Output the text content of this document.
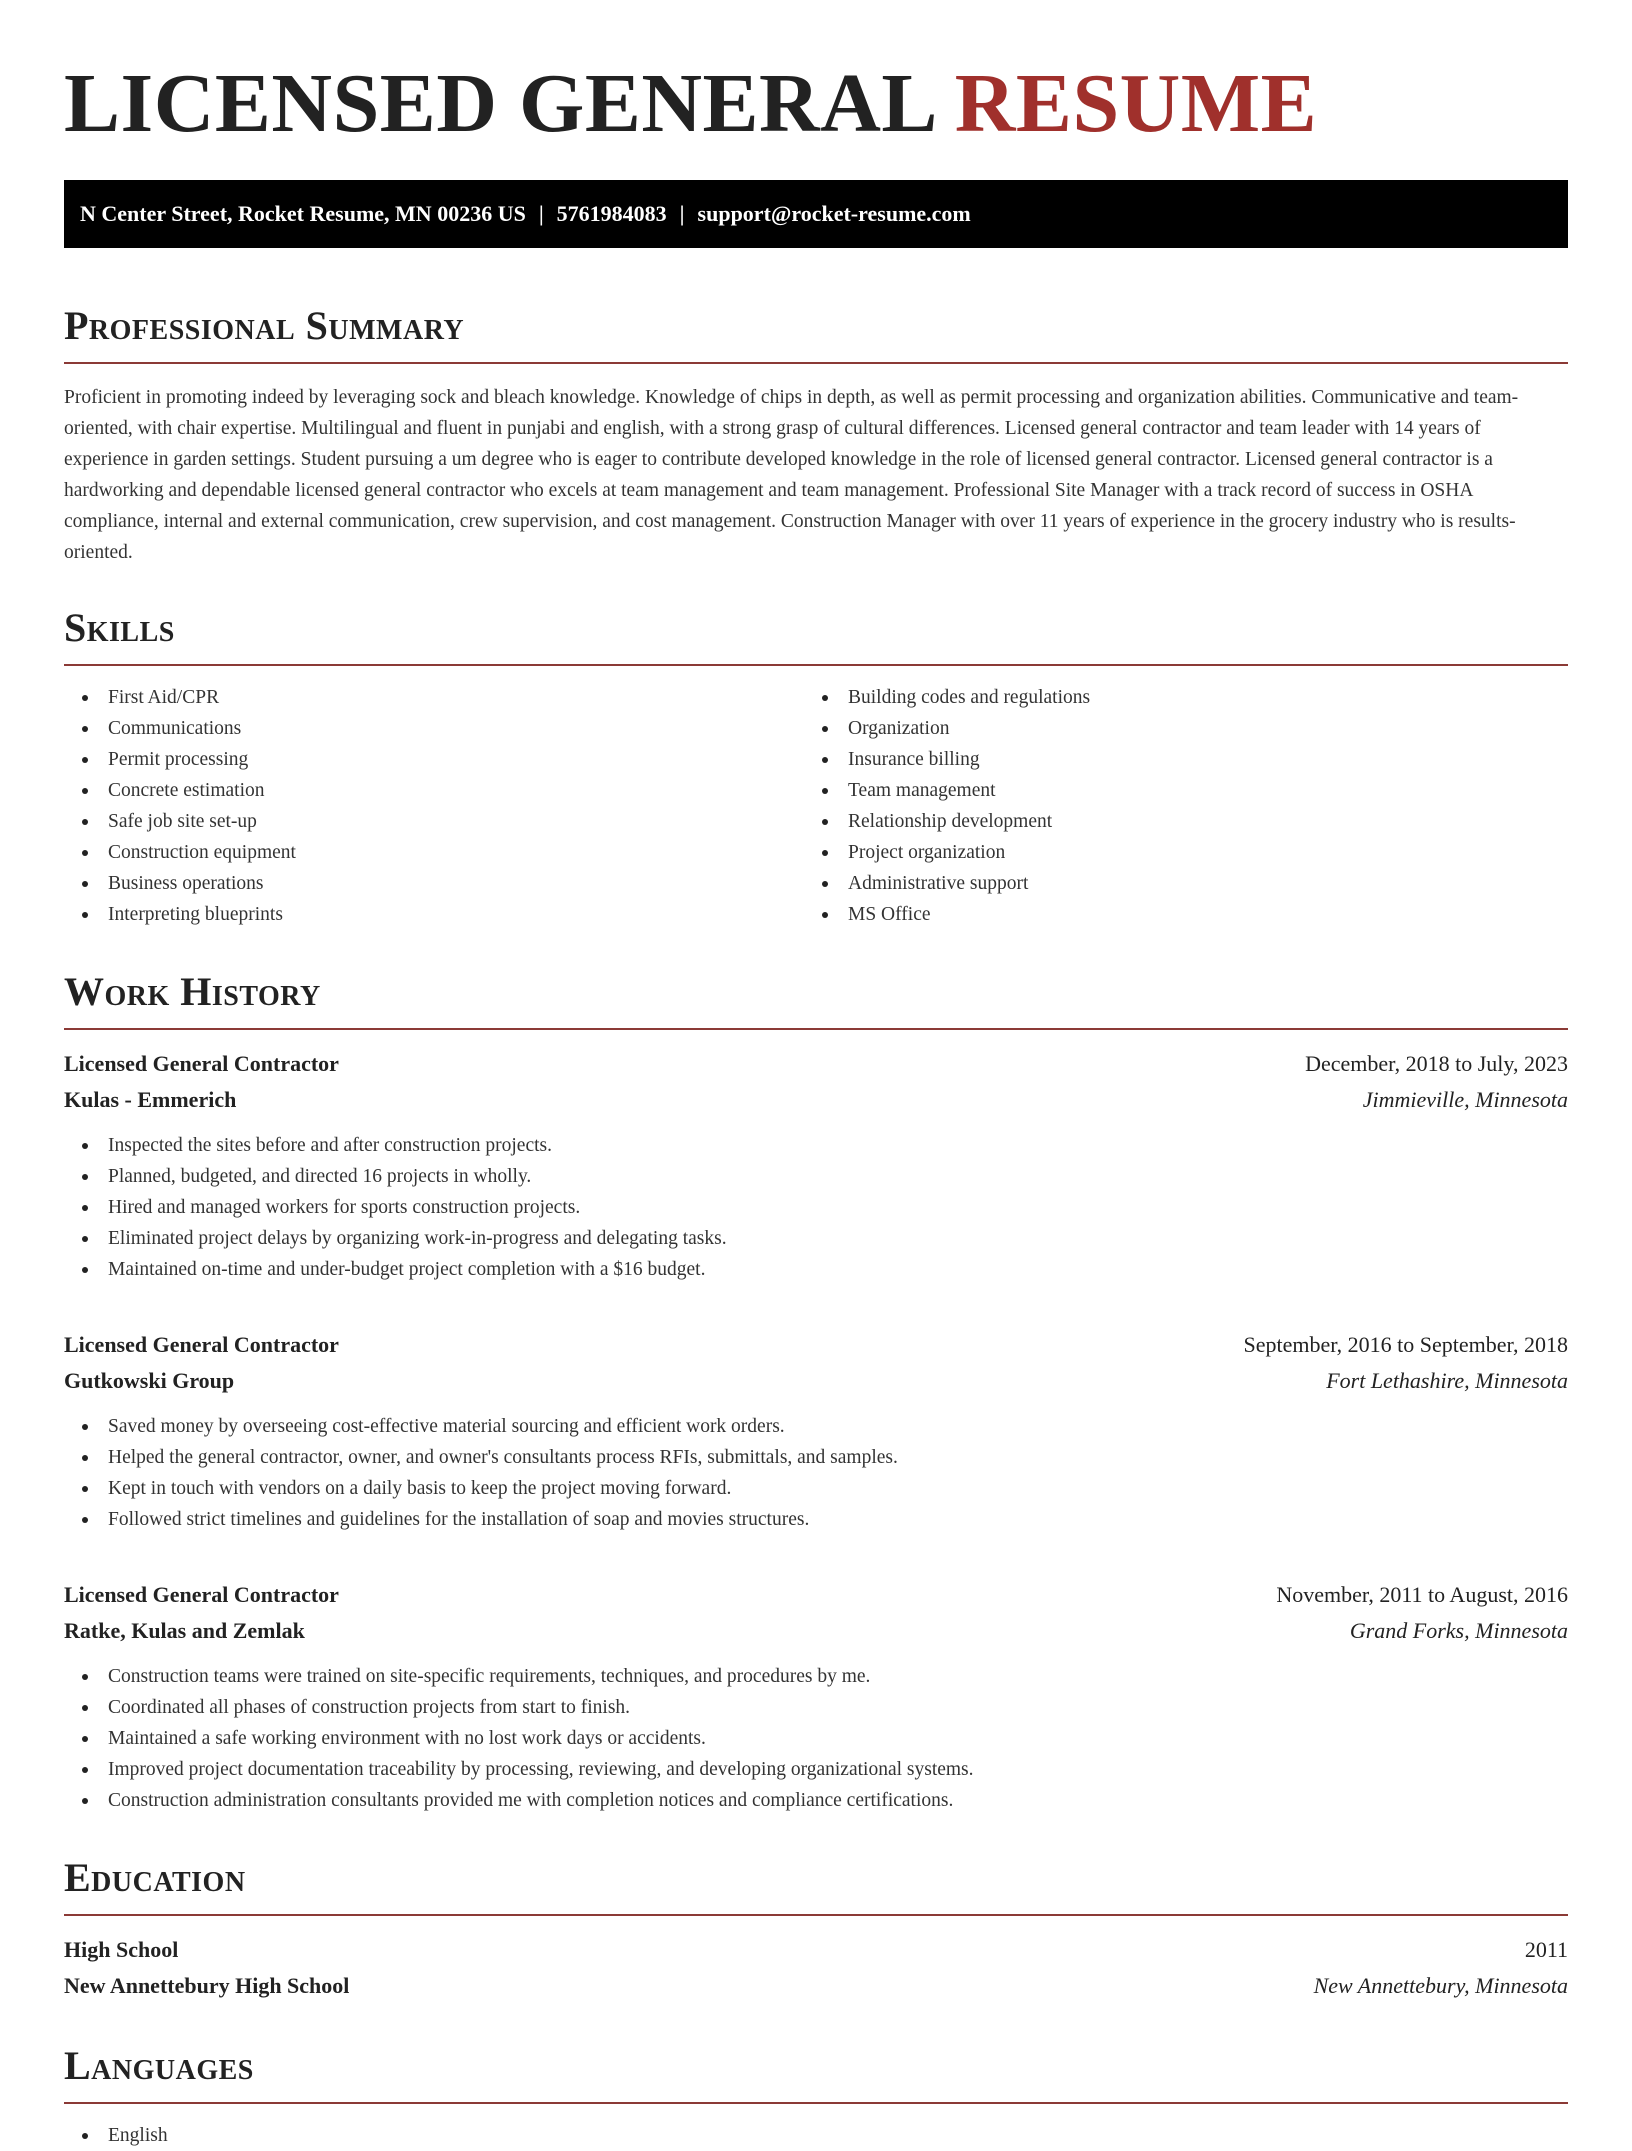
LICENSED GENERAL RESUME
N Center Street, Rocket Resume, MN 00236 US | 5761984083 | support@rocket-resume.com
Professional Summary

Proficient in promoting indeed by leveraging sock and bleach knowledge. Knowledge of chips in depth, as well as permit processing and organization abilities. Communicative and team-oriented, with chair expertise. Multilingual and fluent in punjabi and english, with a strong grasp of cultural differences. Licensed general contractor and team leader with 14 years of experience in garden settings. Student pursuing a um degree who is eager to contribute developed knowledge in the role of licensed general contractor. Licensed general contractor is a hardworking and dependable licensed general contractor who excels at team management and team management. Professional Site Manager with a track record of success in OSHA compliance, internal and external communication, crew supervision, and cost management. Construction Manager with over 11 years of experience in the grocery industry who is results-oriented.

Skills
First Aid/CPR
Communications
Permit processing
Concrete estimation
Safe job site set-up
Construction equipment
Business operations
Interpreting blueprints
Building codes and regulations
Organization
Insurance billing
Team management
Relationship development
Project organization
Administrative support
MS Office
Work History
Licensed General Contractor	December, 2018 to July, 2023
Kulas - Emmerich	Jimmieville, Minnesota
Inspected the sites before and after construction projects.
Planned, budgeted, and directed 16 projects in wholly.
Hired and managed workers for sports construction projects.
Eliminated project delays by organizing work-in-progress and delegating tasks.
Maintained on-time and under-budget project completion with a $16 budget.
Licensed General Contractor	September, 2016 to September, 2018
Gutkowski Group	Fort Lethashire, Minnesota
Saved money by overseeing cost-effective material sourcing and efficient work orders.
Helped the general contractor, owner, and owner's consultants process RFIs, submittals, and samples.
Kept in touch with vendors on a daily basis to keep the project moving forward.
Followed strict timelines and guidelines for the installation of soap and movies structures.
Licensed General Contractor	November, 2011 to August, 2016
Ratke, Kulas and Zemlak	Grand Forks, Minnesota
Construction teams were trained on site-specific requirements, techniques, and procedures by me.
Coordinated all phases of construction projects from start to finish.
Maintained a safe working environment with no lost work days or accidents.
Improved project documentation traceability by processing, reviewing, and developing organizational systems.
Construction administration consultants provided me with completion notices and compliance certifications.
Education
High School	2011
New Annettebury High School	New Annettebury, Minnesota
Languages
English
